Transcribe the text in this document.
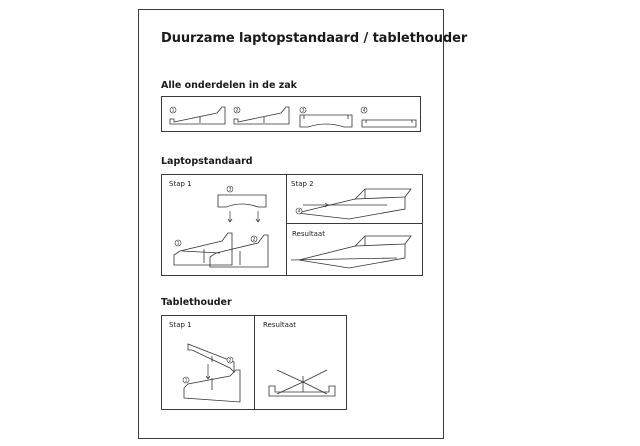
Duurzame laptopstandaard / tablethouder
Alle onderdelen in de zak
1	2	3	4
Laptopstandaard
Stap 1	Stap 2
Resultaat
3
1
2
4
Tablethouder
Stap 1	Resultaat
2
1
